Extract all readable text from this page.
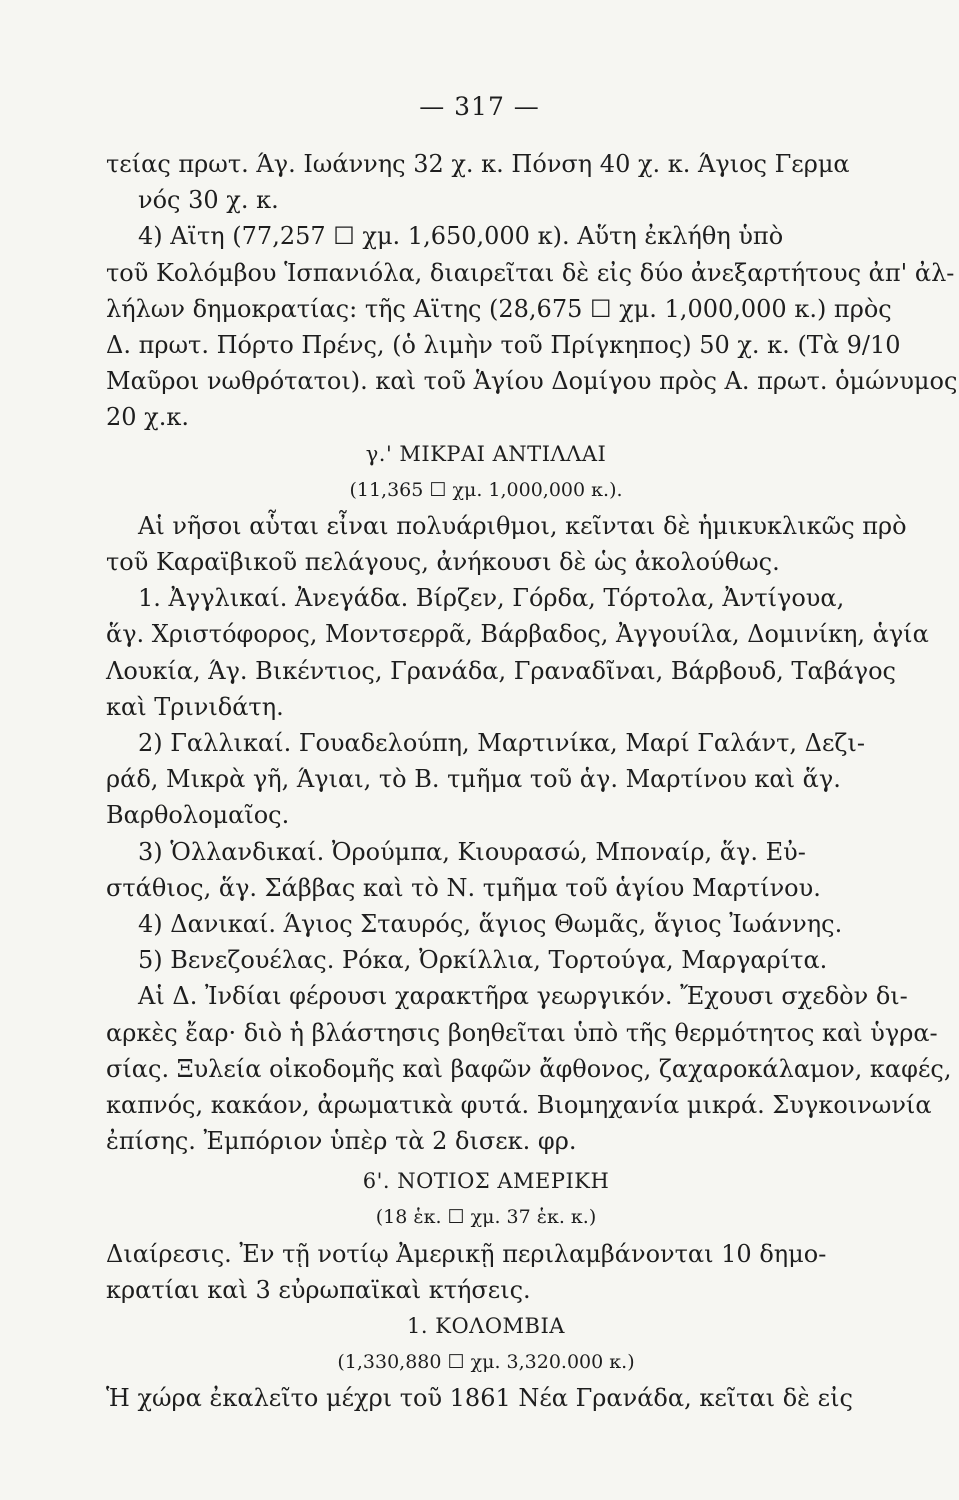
— 317 —
τείας πρωτ. Άγ. Ιωάννης 32 χ. κ. Πόνση 40 χ. κ. Άγιος Γερμα
νός 30 χ. κ.
4) Αϊτη (77,257 ☐ χμ. 1,650,000 κ). Αὕτη ἐκλήθη ὑπὸ
τοῦ Κολόμβου Ἱσπανιόλα, διαιρεῖται δὲ εἰς δύο ἀνεξαρτήτους ἀπ' ἀλ-
λήλων δημοκρατίας: τῆς Αϊτης (28,675 ☐ χμ. 1,000,000 κ.) πρὸς
Δ. πρωτ. Πόρτο Πρένς, (ὁ λιμὴν τοῦ Πρίγκηπος) 50 χ. κ. (Τὰ 9/10
Μαῦροι νωθρότατοι). καὶ τοῦ Ἁγίου Δομίγου πρὸς Α. πρωτ. ὁμώνυμος
20 χ.κ.
γ.' ΜΙΚΡΑΙ ΑΝΤΙΛΛΑΙ
(11,365 ☐ χμ. 1,000,000 κ.).
Αἱ νῆσοι αὗται εἶναι πολυάριθμοι, κεῖνται δὲ ἡμικυκλικῶς πρὸ
τοῦ Καραϊβικοῦ πελάγους, ἀνήκουσι δὲ ὡς ἀκολούθως.
1. Ἀγγλικαί. Ἀνεγάδα. Βίρζεν, Γόρδα, Τόρτολα, Ἀντίγουα,
ἅγ. Χριστόφορος, Μοντσερρᾶ, Βάρβαδος, Ἀγγουίλα, Δομινίκη, ἁγία
Λουκία, Άγ. Βικέντιος, Γρανάδα, Γραναδῖναι, Βάρβουδ, Ταβάγος
καὶ Τρινιδάτη.
2) Γαλλικαί. Γουαδελούπη, Μαρτινίκα, Μαρί Γαλάντ, Δεζι-
ράδ, Μικρὰ γῆ, Άγιαι, τὸ Β. τμῆμα τοῦ ἁγ. Μαρτίνου καὶ ἅγ.
Βαρθολομαῖος.
3) Ὁλλανδικαί. Ὀρούμπα, Κιουρασώ, Μποναίρ, ἅγ. Εὐ-
στάθιος, ἅγ. Σάββας καὶ τὸ Ν. τμῆμα τοῦ ἁγίου Μαρτίνου.
4) Δανικαί. Άγιος Σταυρός, ἅγιος Θωμᾶς, ἅγιος Ἰωάννης.
5) Βενεζουέλας. Ρόκα, Ὀρκίλλια, Τορτούγα, Μαργαρίτα.
Αἱ Δ. Ἰνδίαι φέρουσι χαρακτῆρα γεωργικόν. Ἔχουσι σχεδὸν δι-
αρκὲς ἔαρ· διὸ ἡ βλάστησις βοηθεῖται ὑπὸ τῆς θερμότητος καὶ ὑγρα-
σίας. Ξυλεία οἰκοδομῆς καὶ βαφῶν ἄφθονος, ζαχαροκάλαμον, καφές,
καπνός, κακάον, ἀρωματικὰ φυτά. Βιομηχανία μικρά. Συγκοινωνία
ἐπίσης. Ἐμπόριον ὑπὲρ τὰ 2 δισεκ. φρ.
6'. ΝΟΤΙΟΣ ΑΜΕΡΙΚΗ
(18 ἑκ. ☐ χμ. 37 ἑκ. κ.)
Διαίρεσις. Ἐν τῇ νοτίῳ Ἀμερικῇ περιλαμβάνονται 10 δημο-
κρατίαι καὶ 3 εὐρωπαϊκαὶ κτήσεις.
1. ΚΟΛΟΜΒΙΑ
(1,330,880 ☐ χμ. 3,320.000 κ.)
Ἡ χώρα ἐκαλεῖτο μέχρι τοῦ 1861 Νέα Γρανάδα, κεῖται δὲ εἰς
